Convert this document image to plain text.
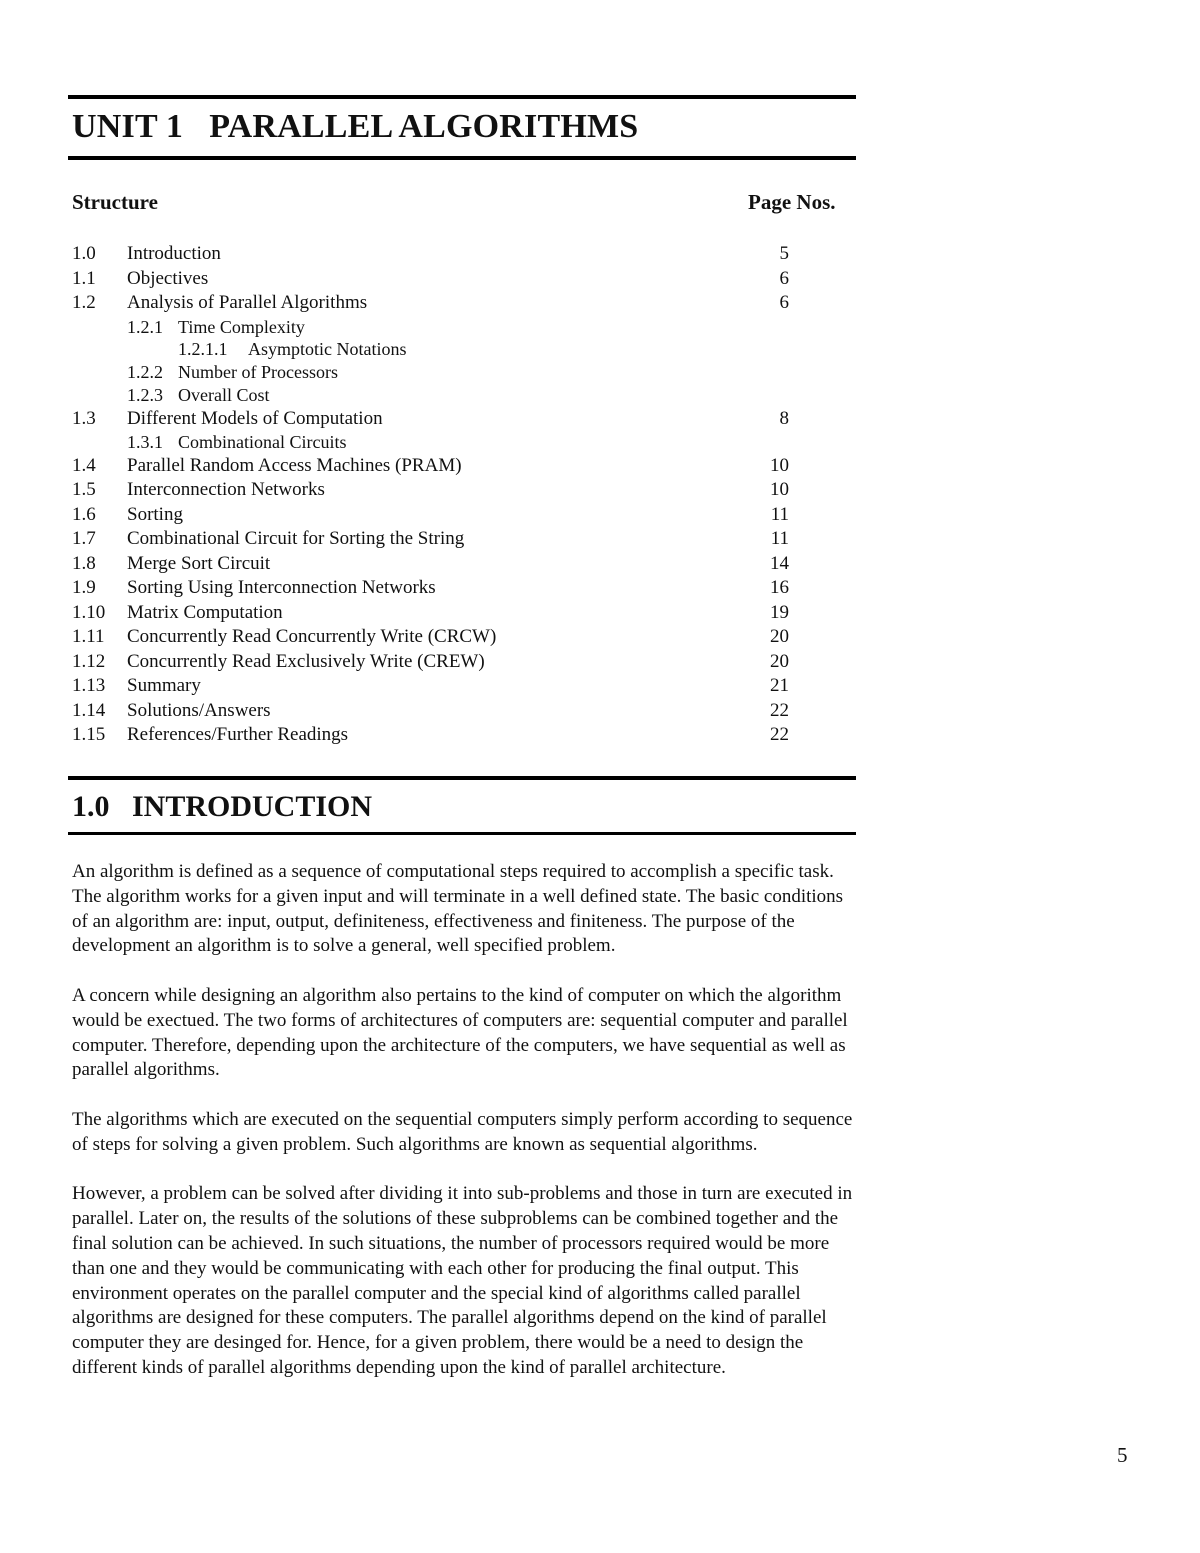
UNIT 1 PARALLEL ALGORITHMS
Structure	Page Nos.
1.0 Introduction	5
1.1 Objectives	6
1.2 Analysis of Parallel Algorithms	6
1.2.1 Time Complexity
1.2.1.1 Asymptotic Notations
1.2.2 Number of Processors
1.2.3 Overall Cost
1.3 Different Models of Computation	8
1.3.1 Combinational Circuits
1.4 Parallel Random Access Machines (PRAM)	10
1.5 Interconnection Networks	10
1.6 Sorting	11
1.7 Combinational Circuit for Sorting the String	11
1.8 Merge Sort Circuit	14
1.9 Sorting Using Interconnection Networks	16
1.10 Matrix Computation	19
1.11 Concurrently Read Concurrently Write (CRCW)	20
1.12 Concurrently Read Exclusively Write (CREW)	20
1.13 Summary	21
1.14 Solutions/Answers	22
1.15 References/Further Readings	22
1.0 INTRODUCTION

An algorithm is defined as a sequence of computational steps required to accomplish a specific task. The algorithm works for a given input and will terminate in a well defined state. The basic conditions of an algorithm are: input, output, definiteness, effectiveness and finiteness. The purpose of the development an algorithm is to solve a general, well specified problem.

A concern while designing an algorithm also pertains to the kind of computer on which the algorithm would be exectued. The two forms of architectures of computers are: sequential computer and parallel computer. Therefore, depending upon the architecture of the computers, we have sequential as well as parallel algorithms.

The algorithms which are executed on the sequential computers simply perform according to sequence of steps for solving a given problem. Such algorithms are known as sequential algorithms.

However, a problem can be solved after dividing it into sub-problems and those in turn are executed in parallel. Later on, the results of the solutions of these subproblems can be combined together and the final solution can be achieved. In such situations, the number of processors required would be more than one and they would be communicating with each other for producing the final output. This environment operates on the parallel computer and the special kind of algorithms called parallel algorithms are designed for these computers. The parallel algorithms depend on the kind of parallel computer they are desinged for. Hence, for a given problem, there would be a need to design the different kinds of parallel algorithms depending upon the kind of parallel architecture.

5
